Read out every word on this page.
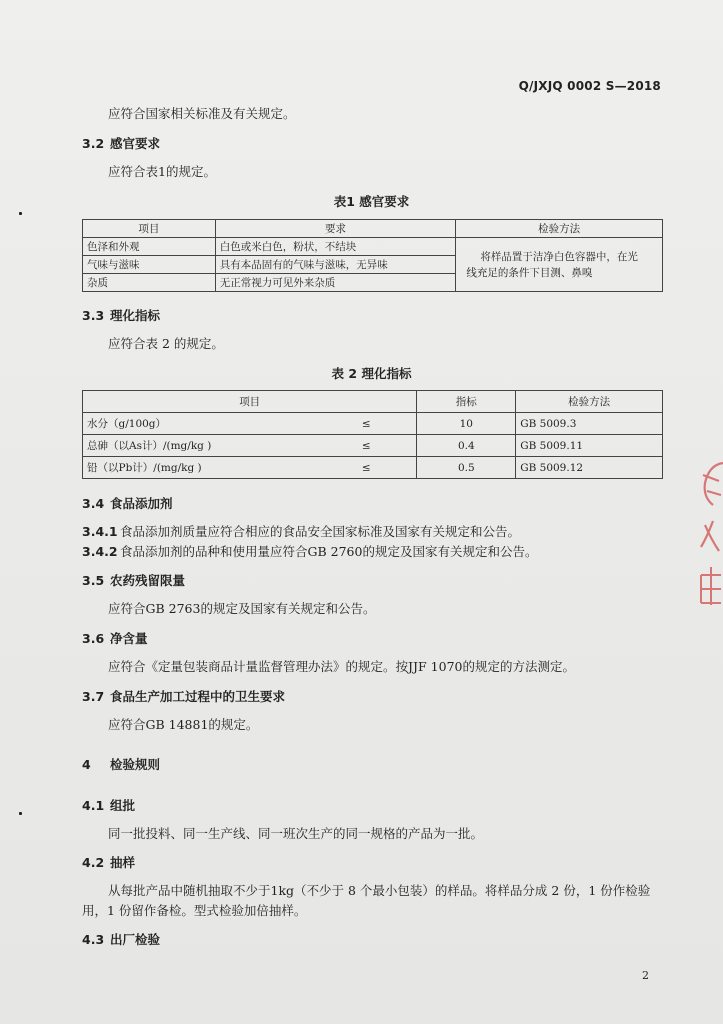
Q/JXJQ 0002 S—2018
应符合国家相关标准及有关规定。
3.2 感官要求
应符合表1的规定。
表1 感官要求
项目	要求	检验方法
色泽和外观	白色或米白色，粉状，不结块	将样品置于洁净白色容器中，在光
线充足的条件下目测、鼻嗅

气味与滋味	具有本品固有的气味与滋味，无异味	
杂质	无正常视力可见外来杂质	
3.3 理化指标
应符合表 2 的规定。
表 2 理化指标
项目		指标	检验方法
水分（g/100g）	≤	10	GB 5009.3
总砷（以As计）/(mg/kg )	≤	0.4	GB 5009.11
铅（以Pb计）/(mg/kg )	≤	0.5	GB 5009.12
3.4 食品添加剂
3.4.1 食品添加剂质量应符合相应的食品安全国家标准及国家有关规定和公告。
3.4.2 食品添加剂的品种和使用量应符合GB 2760的规定及国家有关规定和公告。
3.5 农药残留限量
应符合GB 2763的规定及国家有关规定和公告。
3.6 净含量
应符合《定量包装商品计量监督管理办法》的规定。按JJF 1070的规定的方法测定。
3.7 食品生产加工过程中的卫生要求
应符合GB 14881的规定。
4 检验规则
4.1 组批
同一批投料、同一生产线、同一班次生产的同一规格的产品为一批。
4.2 抽样
从每批产品中随机抽取不少于1kg（不少于 8 个最小包装）的样品。将样品分成 2 份，1 份作检验
用，1 份留作备检。型式检验加倍抽样。
4.3 出厂检验
2
